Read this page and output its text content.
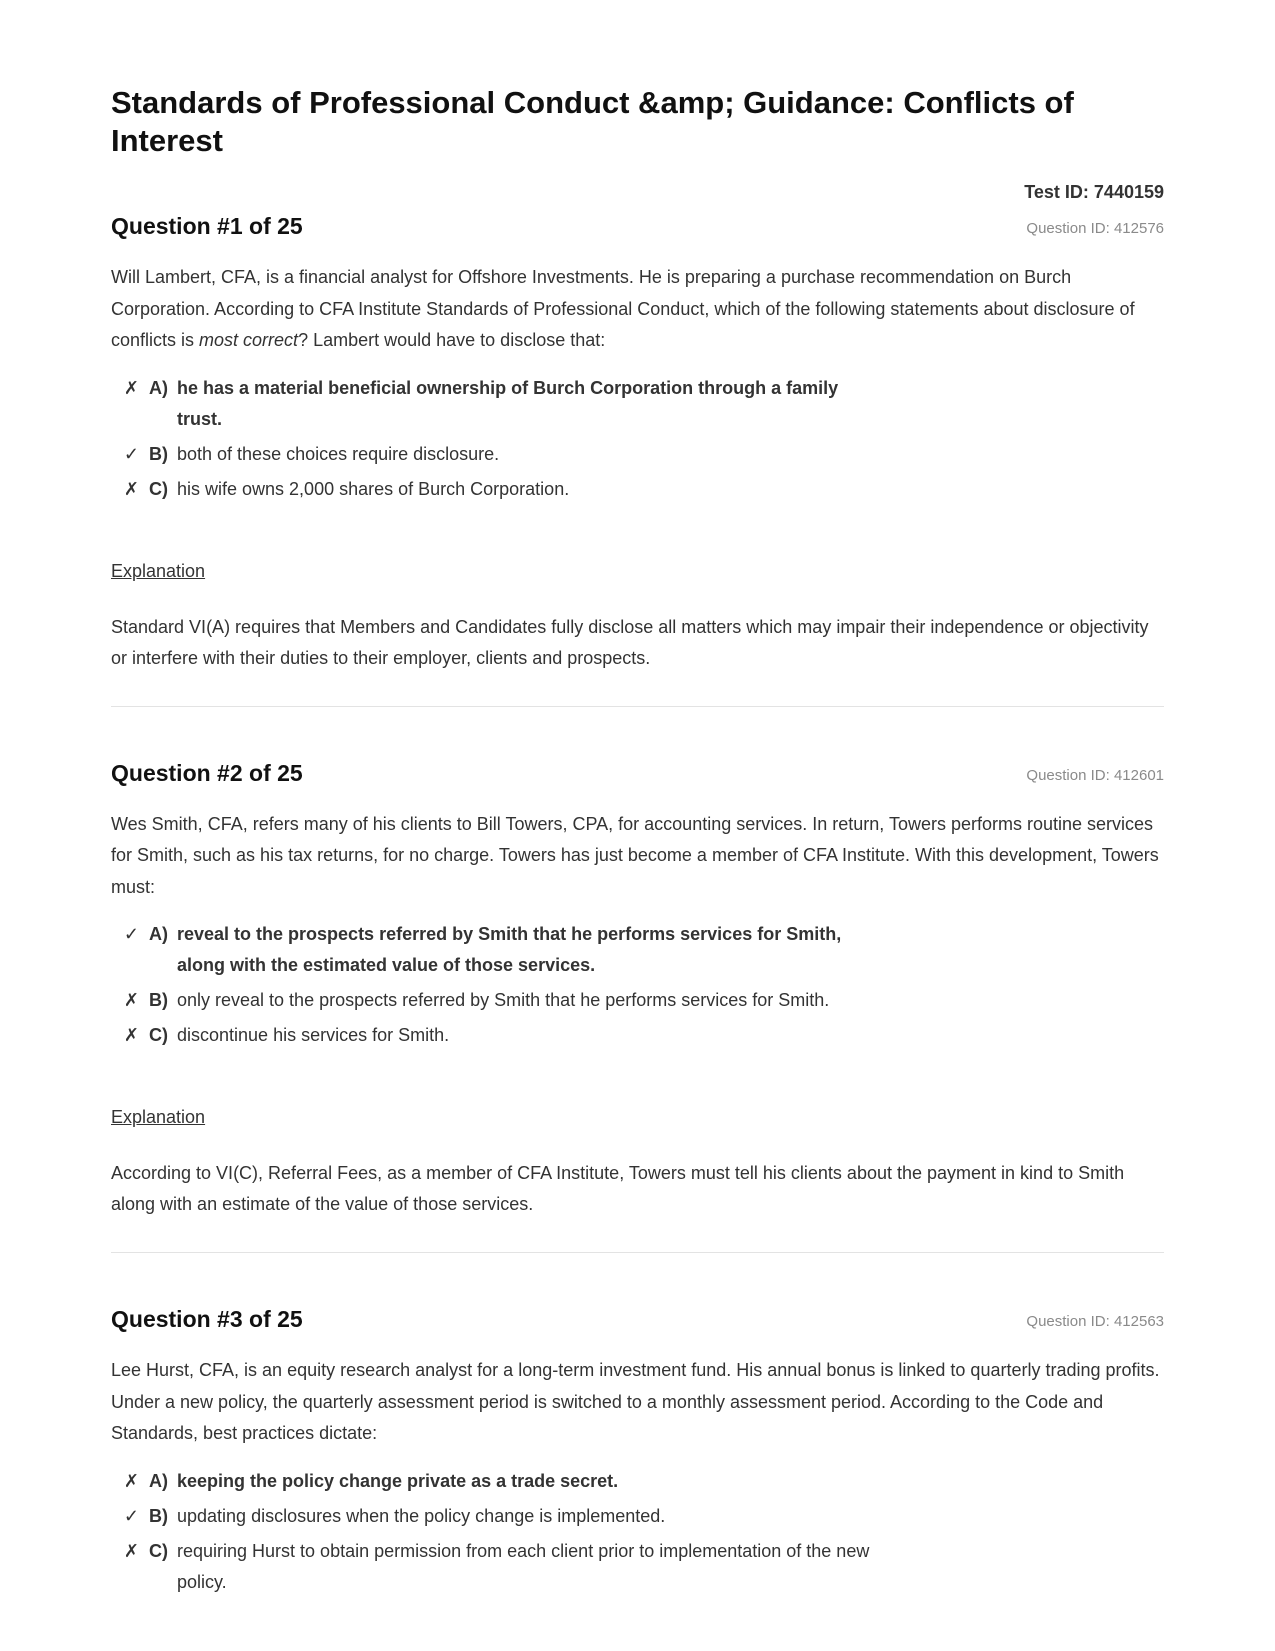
Standards of Professional Conduct &amp; Guidance: Conflicts of Interest
Test ID: 7440159
Question #1 of 25	Question ID: 412576
Will Lambert, CFA, is a financial analyst for Offshore Investments. He is preparing a purchase recommendation on Burch Corporation. According to CFA Institute Standards of Professional Conduct, which of the following statements about disclosure of conflicts is most correct? Lambert would have to disclose that:
✗ A) he has a material beneficial ownership of Burch Corporation through a family trust.
✓ B) both of these choices require disclosure.
✗ C) his wife owns 2,000 shares of Burch Corporation.
Explanation
Standard VI(A) requires that Members and Candidates fully disclose all matters which may impair their independence or objectivity or interfere with their duties to their employer, clients and prospects.
Question #2 of 25	Question ID: 412601
Wes Smith, CFA, refers many of his clients to Bill Towers, CPA, for accounting services. In return, Towers performs routine services for Smith, such as his tax returns, for no charge. Towers has just become a member of CFA Institute. With this development, Towers must:
✓ A) reveal to the prospects referred by Smith that he performs services for Smith, along with the estimated value of those services.
✗ B) only reveal to the prospects referred by Smith that he performs services for Smith.
✗ C) discontinue his services for Smith.
Explanation
According to VI(C), Referral Fees, as a member of CFA Institute, Towers must tell his clients about the payment in kind to Smith along with an estimate of the value of those services.
Question #3 of 25	Question ID: 412563
Lee Hurst, CFA, is an equity research analyst for a long-term investment fund. His annual bonus is linked to quarterly trading profits. Under a new policy, the quarterly assessment period is switched to a monthly assessment period. According to the Code and Standards, best practices dictate:
✗ A) keeping the policy change private as a trade secret.
✓ B) updating disclosures when the policy change is implemented.
✗ C) requiring Hurst to obtain permission from each client prior to implementation of the new policy.
